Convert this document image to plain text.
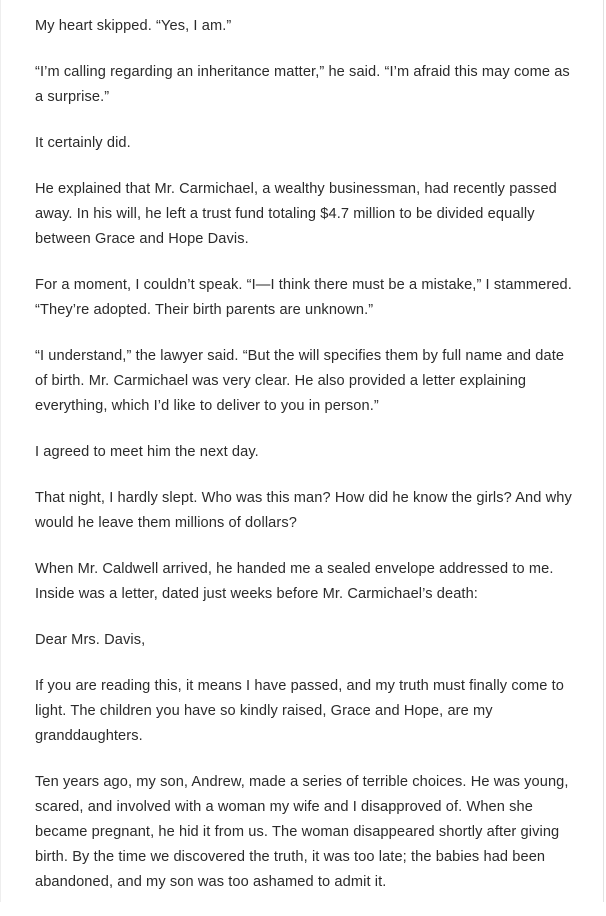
My heart skipped. “Yes, I am.”

“I’m calling regarding an inheritance matter,” he said. “I’m afraid this may come as a surprise.”

It certainly did.

He explained that Mr. Carmichael, a wealthy businessman, had recently passed away. In his will, he left a trust fund totaling $4.7 million to be divided equally between Grace and Hope Davis.

For a moment, I couldn’t speak. “I—I think there must be a mistake,” I stammered. “They’re adopted. Their birth parents are unknown.”

“I understand,” the lawyer said. “But the will specifies them by full name and date of birth. Mr. Carmichael was very clear. He also provided a letter explaining everything, which I’d like to deliver to you in person.”

I agreed to meet him the next day.

That night, I hardly slept. Who was this man? How did he know the girls? And why would he leave them millions of dollars?

When Mr. Caldwell arrived, he handed me a sealed envelope addressed to me. Inside was a letter, dated just weeks before Mr. Carmichael’s death:

Dear Mrs. Davis,

If you are reading this, it means I have passed, and my truth must finally come to light. The children you have so kindly raised, Grace and Hope, are my granddaughters.

Ten years ago, my son, Andrew, made a series of terrible choices. He was young, scared, and involved with a woman my wife and I disapproved of. When she became pregnant, he hid it from us. The woman disappeared shortly after giving birth. By the time we discovered the truth, it was too late; the babies had been abandoned, and my son was too ashamed to admit it.
